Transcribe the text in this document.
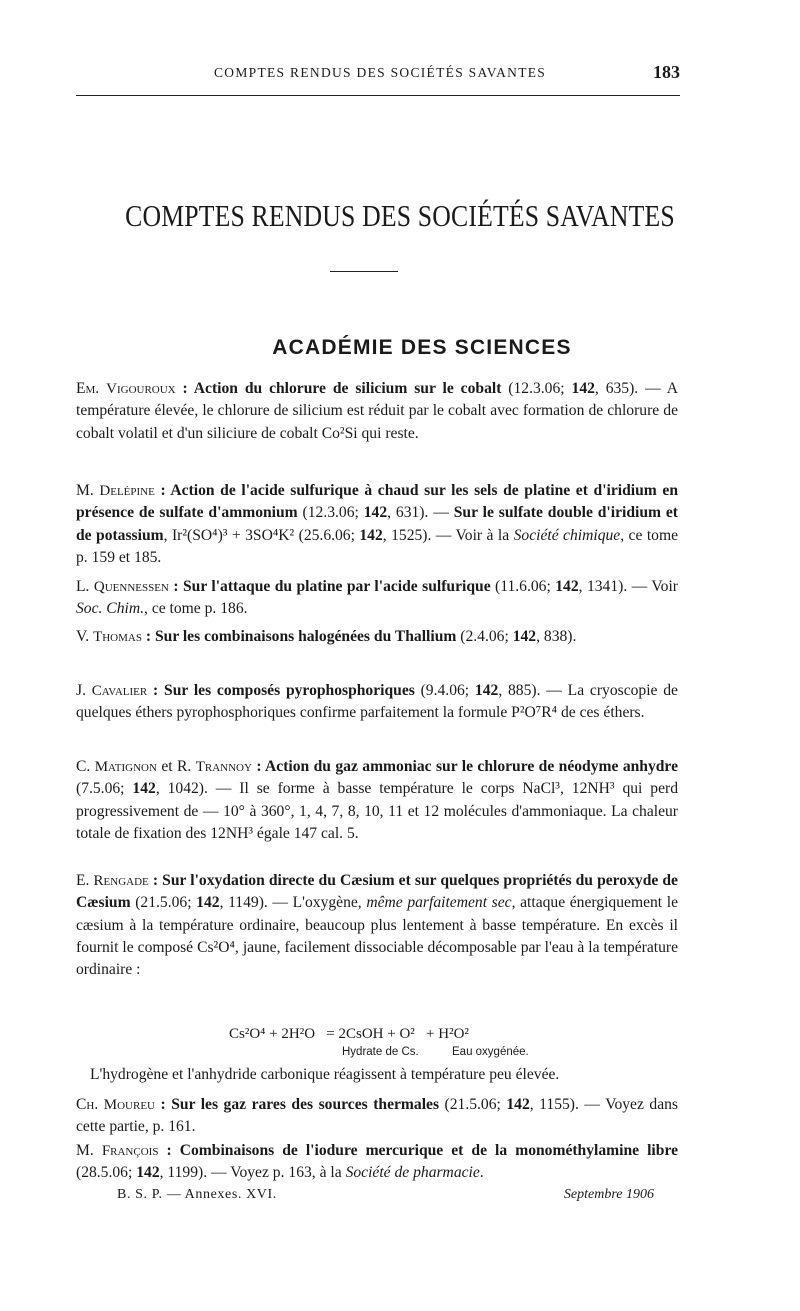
COMPTES RENDUS DES SOCIÉTÉS SAVANTES	183
COMPTES RENDUS DES SOCIÉTÉS SAVANTES
ACADÉMIE DES SCIENCES

Em. Vigouroux : Action du chlorure de silicium sur le cobalt (12.3.06; 142, 635). — A température élevée, le chlorure de silicium est réduit par le cobalt avec formation de chlorure de cobalt volatil et d'un siliciure de cobalt Co²Si qui reste.

M. Delépine : Action de l'acide sulfurique à chaud sur les sels de platine et d'iridium en présence de sulfate d'ammonium (12.3.06; 142, 631). — Sur le sulfate double d'iridium et de potassium, Ir²(SO⁴)³ + 3SO⁴K² (25.6.06; 142, 1525). — Voir à la Société chimique, ce tome p. 159 et 185.

L. Quennessen : Sur l'attaque du platine par l'acide sulfurique (11.6.06; 142, 1341). — Voir Soc. Chim., ce tome p. 186.

V. Thomas : Sur les combinaisons halogénées du Thallium (2.4.06; 142, 838).

J. Cavalier : Sur les composés pyrophosphoriques (9.4.06; 142, 885). — La cryoscopie de quelques éthers pyrophosphoriques confirme parfaitement la formule P²O⁷R⁴ de ces éthers.

C. Matignon et R. Trannoy : Action du gaz ammoniac sur le chlorure de néodyme anhydre (7.5.06; 142, 1042). — Il se forme à basse température le corps NaCl³, 12NH³ qui perd progressivement de — 10° à 360°, 1, 4, 7, 8, 10, 11 et 12 molécules d'ammoniaque. La chaleur totale de fixation des 12NH³ égale 147 cal. 5.

E. Rengade : Sur l'oxydation directe du Cæsium et sur quelques propriétés du peroxyde de Cæsium (21.5.06; 142, 1149). — L'oxygène, même parfaitement sec, attaque énergiquement le cæsium à la température ordinaire, beaucoup plus lentement à basse température. En excès il fournit le composé Cs²O⁴, jaune, facilement dissociable décomposable par l'eau à la température ordinaire :

Cs²O⁴ + 2H²O   = 2CsOH + O²   + H²O²
Hydrate de Cs.	Eau oxygénée.

L'hydrogène et l'anhydride carbonique réagissent à température peu élevée.

Ch. Moureu : Sur les gaz rares des sources thermales (21.5.06; 142, 1155). — Voyez dans cette partie, p. 161.

M. François : Combinaisons de l'iodure mercurique et de la monométhylamine libre (28.5.06; 142, 1199). — Voyez p. 163, à la Société de pharmacie.

B. S. P. — Annexes. XVI.	Septembre 1906
